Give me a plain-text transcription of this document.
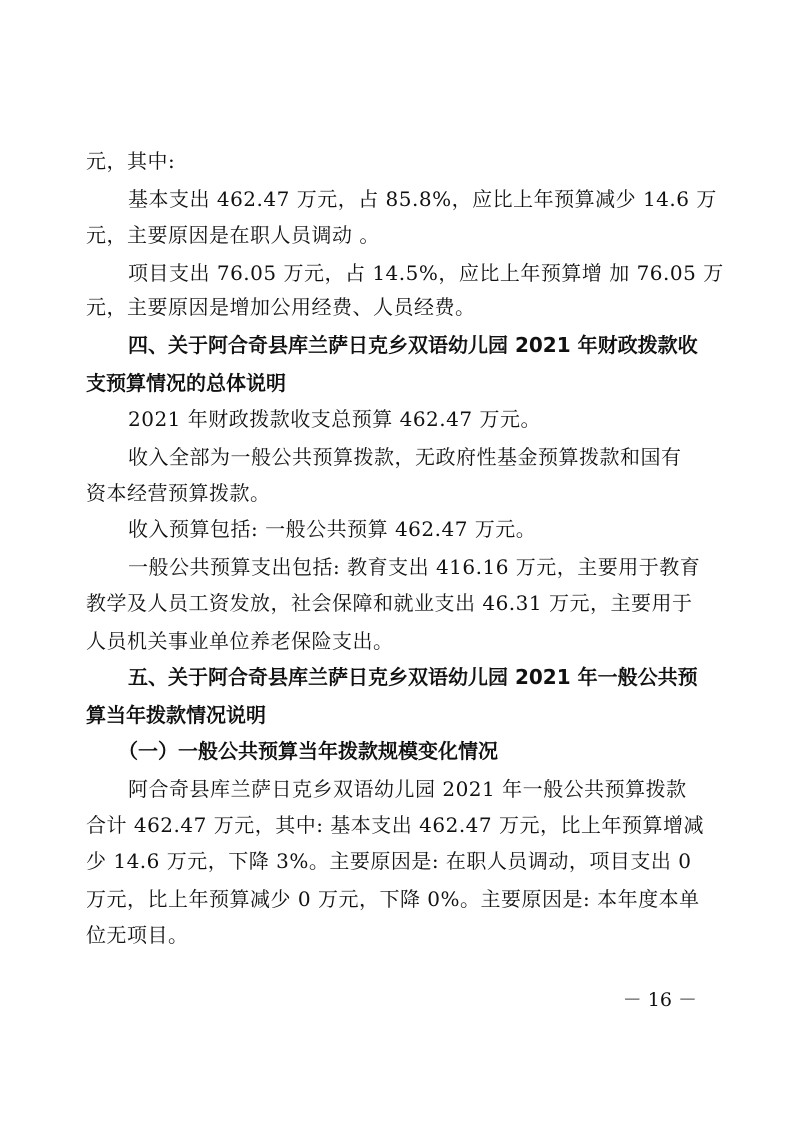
元，其中:
基本支出 462.47 万元，占 85.8%，应比上年预算减少 14.6 万
元，主要原因是在职人员调动 。
项目支出 76.05 万元，占 14.5%，应比上年预算增 加 76.05 万
元，主要原因是增加公用经费、人员经费。
四、关于阿合奇县库兰萨日克乡双语幼儿园 2021 年财政拨款收
支预算情况的总体说明
2021 年财政拨款收支总预算 462.47 万元。
收入全部为一般公共预算拨款，无政府性基金预算拨款和国有
资本经营预算拨款。
收入预算包括: 一般公共预算 462.47 万元。
一般公共预算支出包括: 教育支出 416.16 万元，主要用于教育
教学及人员工资发放，社会保障和就业支出 46.31 万元，主要用于
人员机关事业单位养老保险支出。
五、关于阿合奇县库兰萨日克乡双语幼儿园 2021 年一般公共预
算当年拨款情况说明
（一）一般公共预算当年拨款规模变化情况
阿合奇县库兰萨日克乡双语幼儿园 2021 年一般公共预算拨款
合计 462.47 万元，其中: 基本支出 462.47 万元，比上年预算增减
少 14.6 万元，下降 3%。主要原因是: 在职人员调动，项目支出 0
万元，比上年预算减少 0 万元，下降 0%。主要原因是: 本年度本单
位无项目。
－ 16 －
